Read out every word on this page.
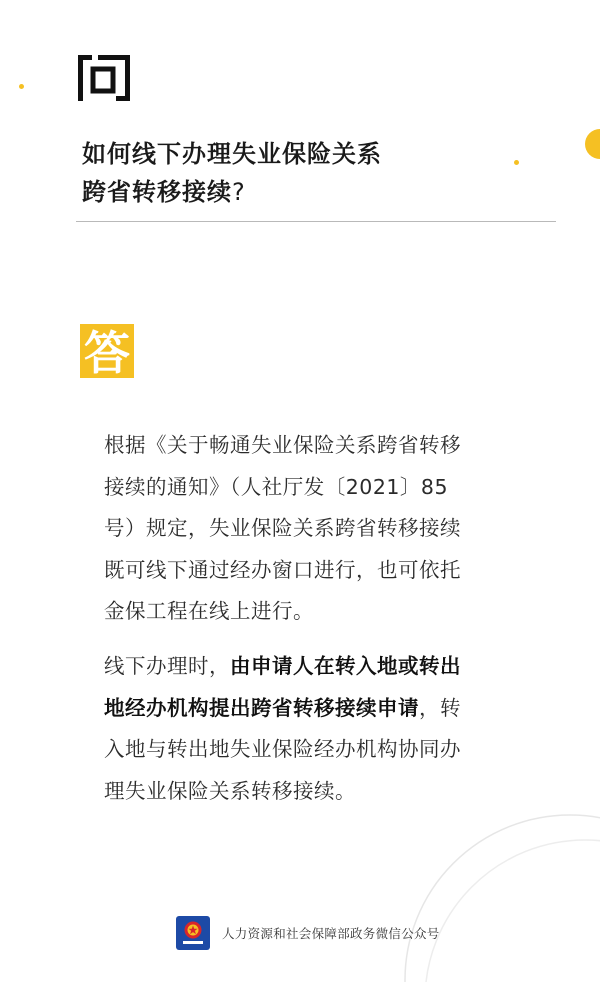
如何线下办理失业保险关系
跨省转移接续?
答
根据《关于畅通失业保险关系跨省转移
接续的通知》（人社厅发〔2021〕85
号）规定，失业保险关系跨省转移接续
既可线下通过经办窗口进行，也可依托
金保工程在线上进行。
线下办理时，由申请人在转入地或转出
地经办机构提出跨省转移接续申请，转
入地与转出地失业保险经办机构协同办
理失业保险关系转移接续。
人力资源和社会保障部政务微信公众号
